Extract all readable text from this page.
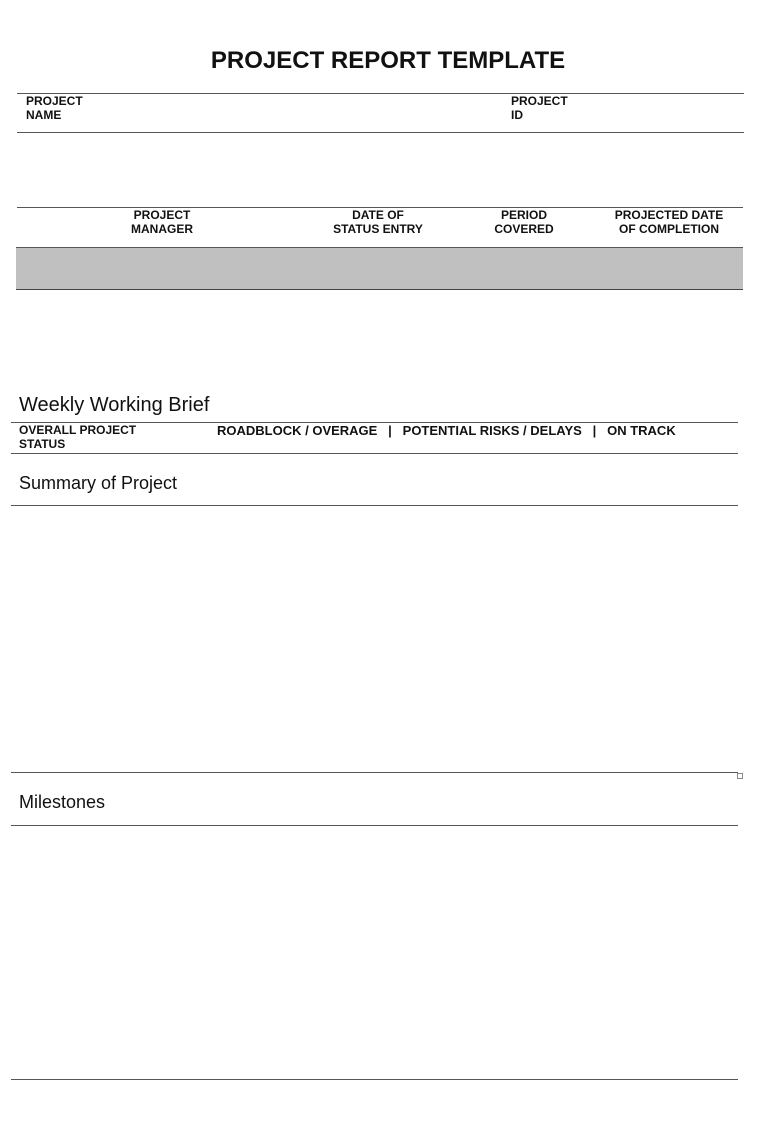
PROJECT REPORT TEMPLATE
PROJECT
NAME
PROJECT
ID
PROJECT
MANAGER
DATE OF
STATUS ENTRY
PERIOD
COVERED
PROJECTED DATE
OF COMPLETION
Weekly Working Brief
OVERALL PROJECT
STATUS
ROADBLOCK / OVERAGE   |   POTENTIAL RISKS / DELAYS   |   ON TRACK
Summary of Project
Milestones
